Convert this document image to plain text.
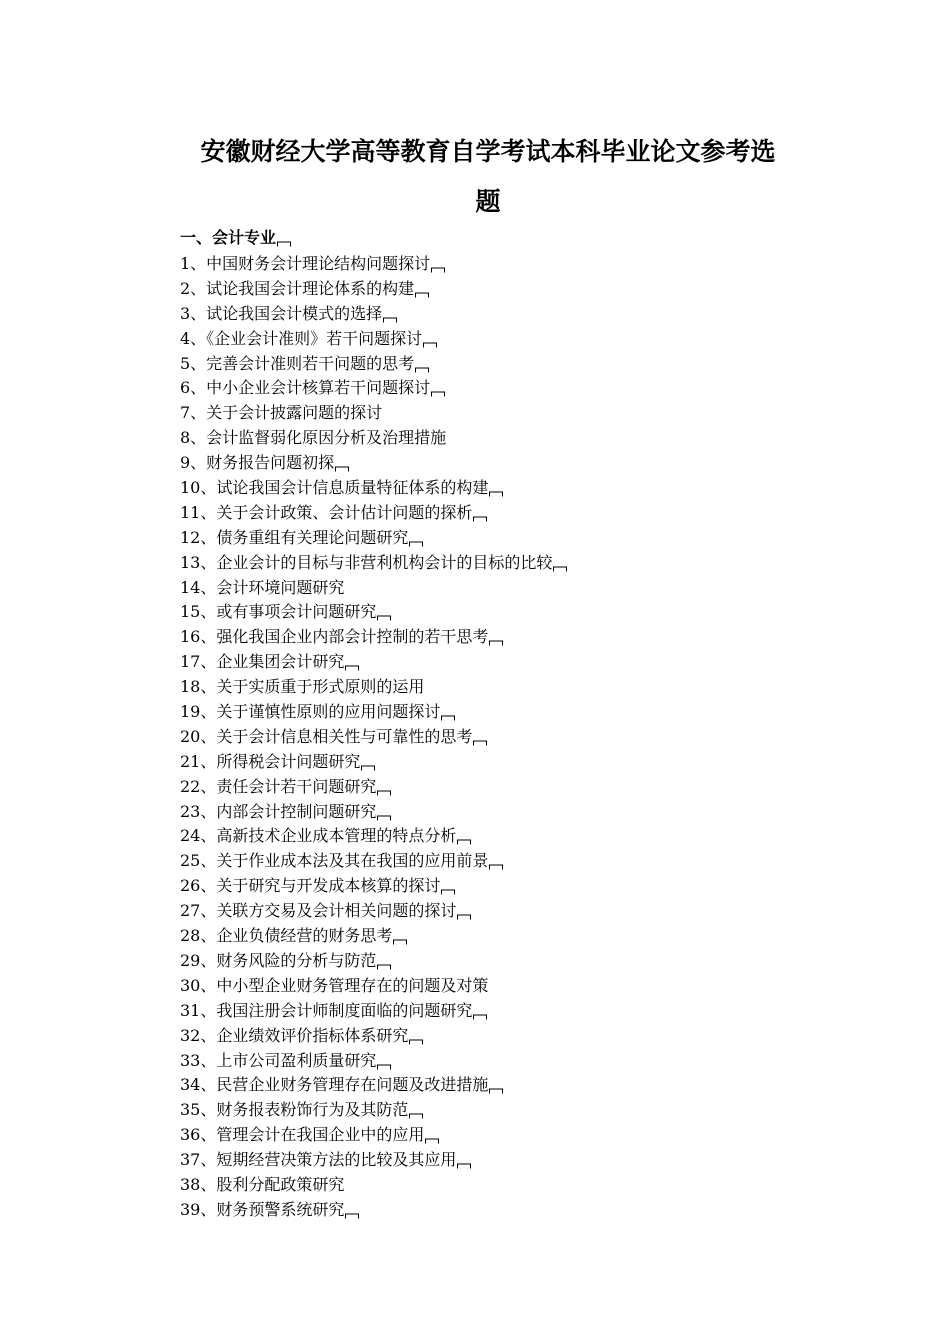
安徽财经大学高等教育自学考试本科毕业论文参考选
题
一、会计专业
1、中国财务会计理论结构问题探讨
2、试论我国会计理论体系的构建
3、试论我国会计模式的选择
4、《企业会计准则》若干问题探讨
5、完善会计准则若干问题的思考
6、中小企业会计核算若干问题探讨
7、关于会计披露问题的探讨
8、会计监督弱化原因分析及治理措施
9、财务报告问题初探
10、试论我国会计信息质量特征体系的构建
11、关于会计政策、会计估计问题的探析
12、债务重组有关理论问题研究
13、企业会计的目标与非营利机构会计的目标的比较
14、会计环境问题研究
15、或有事项会计问题研究
16、强化我国企业内部会计控制的若干思考
17、企业集团会计研究
18、关于实质重于形式原则的运用
19、关于谨慎性原则的应用问题探讨
20、关于会计信息相关性与可靠性的思考
21、所得税会计问题研究
22、责任会计若干问题研究
23、内部会计控制问题研究
24、高新技术企业成本管理的特点分析
25、关于作业成本法及其在我国的应用前景
26、关于研究与开发成本核算的探讨
27、关联方交易及会计相关问题的探讨
28、企业负债经营的财务思考
29、财务风险的分析与防范
30、中小型企业财务管理存在的问题及对策
31、我国注册会计师制度面临的问题研究
32、企业绩效评价指标体系研究
33、上市公司盈利质量研究
34、民营企业财务管理存在问题及改进措施
35、财务报表粉饰行为及其防范
36、管理会计在我国企业中的应用
37、短期经营决策方法的比较及其应用
38、股利分配政策研究
39、财务预警系统研究
